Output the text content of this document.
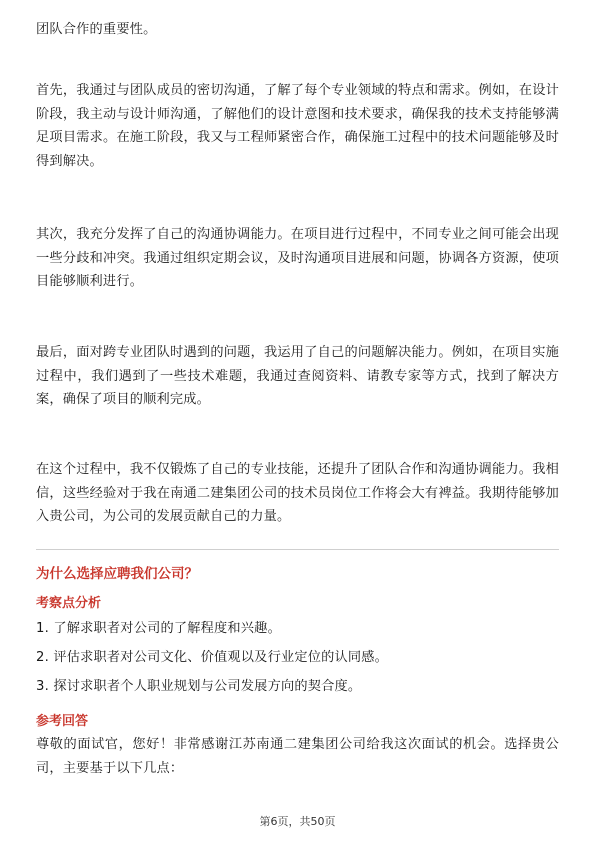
团队合作的重要性。

首先，我通过与团队成员的密切沟通，了解了每个专业领域的特点和需求。例如，在设计阶段，我主动与设计师沟通，了解他们的设计意图和技术要求，确保我的技术支持能够满足项目需求。在施工阶段，我又与工程师紧密合作，确保施工过程中的技术问题能够及时得到解决。

其次，我充分发挥了自己的沟通协调能力。在项目进行过程中，不同专业之间可能会出现一些分歧和冲突。我通过组织定期会议，及时沟通项目进展和问题，协调各方资源，使项目能够顺利进行。

最后，面对跨专业团队时遇到的问题，我运用了自己的问题解决能力。例如，在项目实施过程中，我们遇到了一些技术难题，我通过查阅资料、请教专家等方式，找到了解决方案，确保了项目的顺利完成。

在这个过程中，我不仅锻炼了自己的专业技能，还提升了团队合作和沟通协调能力。我相信，这些经验对于我在南通二建集团公司的技术员岗位工作将会大有裨益。我期待能够加入贵公司，为公司的发展贡献自己的力量。

为什么选择应聘我们公司？

考察点分析

1. 了解求职者对公司的了解程度和兴趣。

2. 评估求职者对公司文化、价值观以及行业定位的认同感。

3. 探讨求职者个人职业规划与公司发展方向的契合度。

参考回答

尊敬的面试官，您好！非常感谢江苏南通二建集团公司给我这次面试的机会。选择贵公司，主要基于以下几点：

第6页，共50页
